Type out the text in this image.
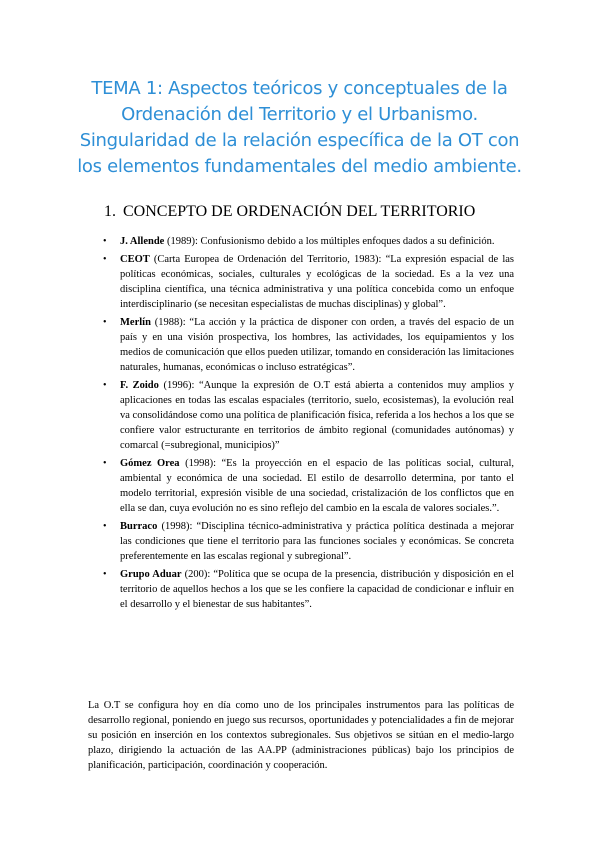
TEMA 1: Aspectos teóricos y conceptuales de la
Ordenación del Territorio y el Urbanismo.
Singularidad de la relación específica de la OT con
los elementos fundamentales del medio ambiente.
1. CONCEPTO DE ORDENACIÓN DEL TERRITORIO
• J. Allende (1989): Confusionismo debido a los múltiples enfoques dados a su definición.
• CEOT (Carta Europea de Ordenación del Territorio, 1983): “La expresión espacial de las políticas económicas, sociales, culturales y ecológicas de la sociedad. Es a la vez una disciplina científica, una técnica administrativa y una política concebida como un enfoque interdisciplinario (se necesitan especialistas de muchas disciplinas) y global”.
• Merlín (1988): “La acción y la práctica de disponer con orden, a través del espacio de un país y en una visión prospectiva, los hombres, las actividades, los equipamientos y los medios de comunicación que ellos pueden utilizar, tomando en consideración las limitaciones naturales, humanas, económicas o incluso estratégicas”.
• F. Zoido (1996): “Aunque la expresión de O.T está abierta a contenidos muy amplios y aplicaciones en todas las escalas espaciales (territorio, suelo, ecosistemas), la evolución real va consolidándose como una política de planificación física, referida a los hechos a los que se confiere valor estructurante en territorios de ámbito regional (comunidades autónomas) y comarcal (=subregional, municipios)”
• Gómez Orea (1998): “Es la proyección en el espacio de las políticas social, cultural, ambiental y económica de una sociedad. El estilo de desarrollo determina, por tanto el modelo territorial, expresión visible de una sociedad, cristalización de los conflictos que en ella se dan, cuya evolución no es sino reflejo del cambio en la escala de valores sociales.”.
• Burraco (1998): “Disciplina técnico-administrativa y práctica política destinada a mejorar las condiciones que tiene el territorio para las funciones sociales y económicas. Se concreta preferentemente en las escalas regional y subregional”.
• Grupo Aduar (200): “Política que se ocupa de la presencia, distribución y disposición en el territorio de aquellos hechos a los que se les confiere la capacidad de condicionar e influir en el desarrollo y el bienestar de sus habitantes”.

La O.T se configura hoy en día como uno de los principales instrumentos para las políticas de desarrollo regional, poniendo en juego sus recursos, oportunidades y potencialidades a fin de mejorar su posición en inserción en los contextos subregionales. Sus objetivos se sitúan en el medio-largo plazo, dirigiendo la actuación de las AA.PP (administraciones públicas) bajo los principios de planificación, participación, coordinación y cooperación.
